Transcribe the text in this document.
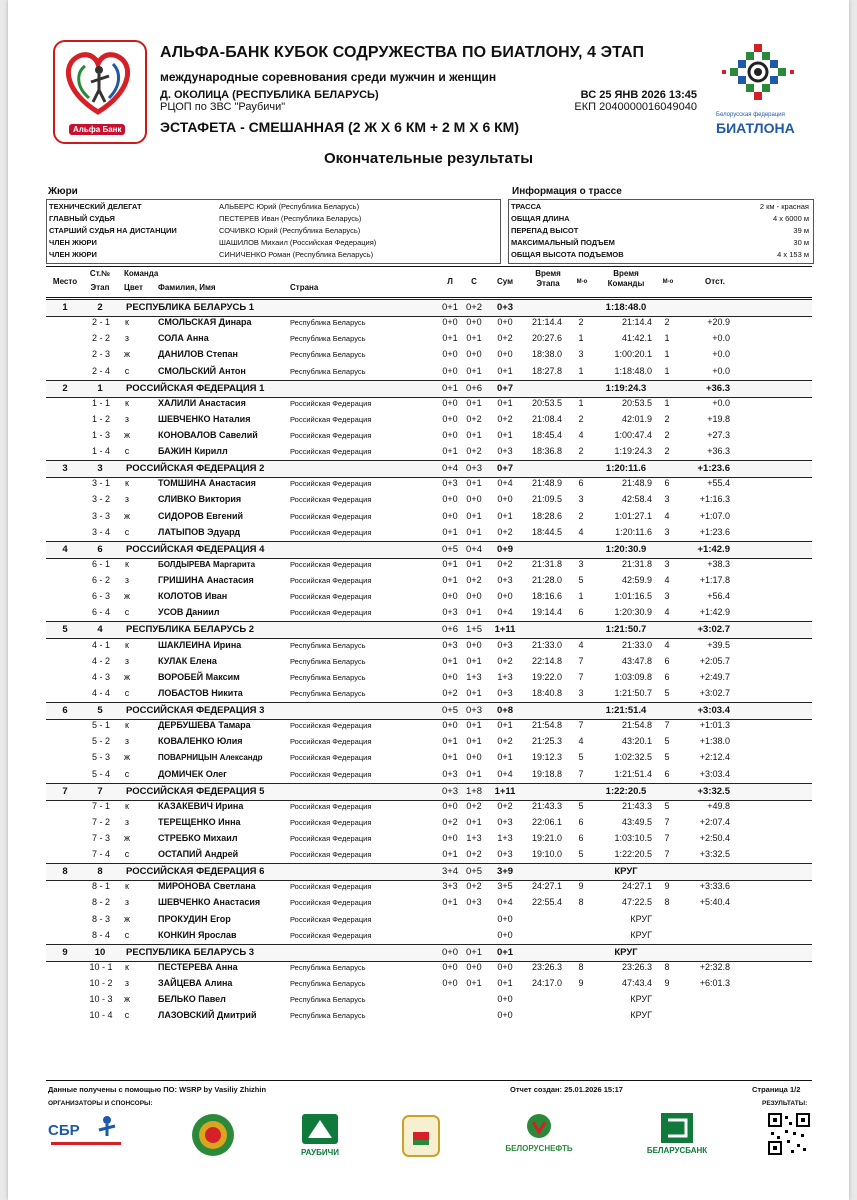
Альфа Банк
АЛЬФА-БАНК КУБОК СОДРУЖЕСТВА ПО БИАТЛОНУ, 4 ЭТАП
международные соревнования среди мужчин и женщин
Д. ОКОЛИЦА (РЕСПУБЛИКА БЕЛАРУСЬ)
РЦОП по ЗВС "Раубичи"
ВС 25 ЯНВ 2026 13:45
ЕКП 2040000016049040
ЭСТАФЕТА - СМЕШАННАЯ (2 Ж Х 6 КМ + 2 М Х 6 КМ)
Белорусская федерация
БИАТЛОНА
Окончательные результаты
Жюри
ТЕХНИЧЕСКИЙ ДЕЛЕГАТ	АЛЬБЕРС Юрий (Республика Беларусь)
ГЛАВНЫЙ СУДЬЯ	ПЕСТЕРЕВ Иван (Республика Беларусь)
СТАРШИЙ СУДЬЯ НА ДИСТАНЦИИ	СОЧИВКО Юрий (Республика Беларусь)
ЧЛЕН ЖЮРИ	ШАШИЛОВ Михаил (Российская Федерация)
ЧЛЕН ЖЮРИ	СИНИЧЕНКО Роман (Республика Беларусь)
Информация о трассе
ТРАССА	2 км - красная
ОБЩАЯ ДЛИНА	4 x 6000 м
ПЕРЕПАД ВЫСОТ	39 м
МАКСИМАЛЬНЫЙ ПОДЪЕМ	30 м
ОБЩАЯ ВЫСОТА ПОДЪЕМОВ	4 x 153 м
Место
Ст.№
Этап
Команда
Цвет Фамилия, Имя	Страна
Л	С	Сум
Время Этапа	М-о
Время Команды	М-о	Отст.
1	2	РЕСПУБЛИКА БЕЛАРУСЬ 1	0+1 0+2	0+3	1:18:48.0
2 - 1	к	СМОЛЬСКАЯ Динара	Республика Беларусь	0+0 0+0	0+0	21:14.4	2	21:14.4	2	+20.9
2 - 2	з	СОЛА Анна	Республика Беларусь	0+1 0+1	0+2	20:27.6	1	41:42.1	1	+0.0
2 - 3	ж	ДАНИЛОВ Степан	Республика Беларусь	0+0 0+0	0+0	18:38.0	3	1:00:20.1	1	+0.0
2 - 4	с	СМОЛЬСКИЙ Антон	Республика Беларусь	0+0 0+1	0+1	18:27.8	1	1:18:48.0	1	+0.0
2	1	РОССИЙСКАЯ ФЕДЕРАЦИЯ 1	0+1 0+6	0+7	1:19:24.3	+36.3
1 - 1	к	ХАЛИЛИ Анастасия	Российская Федерация	0+0 0+1	0+1	20:53.5	1	20:53.5	1	+0.0
1 - 2	з	ШЕВЧЕНКО Наталия	Российская Федерация	0+0 0+2	0+2	21:08.4	2	42:01.9	2	+19.8
1 - 3	ж	КОНОВАЛОВ Савелий	Российская Федерация	0+0 0+1	0+1	18:45.4	4	1:00:47.4	2	+27.3
1 - 4	с	БАЖИН Кирилл	Российская Федерация	0+1 0+2	0+3	18:36.8	2	1:19:24.3	2	+36.3
3	3	РОССИЙСКАЯ ФЕДЕРАЦИЯ 2	0+4 0+3	0+7	1:20:11.6	+1:23.6
3 - 1	к	ТОМШИНА Анастасия	Российская Федерация	0+3 0+1	0+4	21:48.9	6	21:48.9	6	+55.4
3 - 2	з	СЛИВКО Виктория	Российская Федерация	0+0 0+0	0+0	21:09.5	3	42:58.4	3	+1:16.3
3 - 3	ж	СИДОРОВ Евгений	Российская Федерация	0+0 0+1	0+1	18:28.6	2	1:01:27.1	4	+1:07.0
3 - 4	с	ЛАТЫПОВ Эдуард	Российская Федерация	0+1 0+1	0+2	18:44.5	4	1:20:11.6	3	+1:23.6
4	6	РОССИЙСКАЯ ФЕДЕРАЦИЯ 4	0+5 0+4	0+9	1:20:30.9	+1:42.9
6 - 1	к	БОЛДЫРЕВА Маргарита	Российская Федерация	0+1 0+1	0+2	21:31.8	3	21:31.8	3	+38.3
6 - 2	з	ГРИШИНА Анастасия	Российская Федерация	0+1 0+2	0+3	21:28.0	5	42:59.9	4	+1:17.8
6 - 3	ж	КОЛОТОВ Иван	Российская Федерация	0+0 0+0	0+0	18:16.6	1	1:01:16.5	3	+56.4
6 - 4	с	УСОВ Даниил	Российская Федерация	0+3 0+1	0+4	19:14.4	6	1:20:30.9	4	+1:42.9
5	4	РЕСПУБЛИКА БЕЛАРУСЬ 2	0+6 1+5	1+11	1:21:50.7	+3:02.7
4 - 1	к	ШАКЛЕИНА Ирина	Республика Беларусь	0+3 0+0	0+3	21:33.0	4	21:33.0	4	+39.5
4 - 2	з	КУЛАК Елена	Республика Беларусь	0+1 0+1	0+2	22:14.8	7	43:47.8	6	+2:05.7
4 - 3	ж	ВОРОБЕЙ Максим	Республика Беларусь	0+0 1+3	1+3	19:22.0	7	1:03:09.8	6	+2:49.7
4 - 4	с	ЛОБАСТОВ Никита	Республика Беларусь	0+2 0+1	0+3	18:40.8	3	1:21:50.7	5	+3:02.7
6	5	РОССИЙСКАЯ ФЕДЕРАЦИЯ 3	0+5 0+3	0+8	1:21:51.4	+3:03.4
5 - 1	к	ДЕРБУШЕВА Тамара	Российская Федерация	0+0 0+1	0+1	21:54.8	7	21:54.8	7	+1:01.3
5 - 2	з	КОВАЛЕНКО Юлия	Российская Федерация	0+1 0+1	0+2	21:25.3	4	43:20.1	5	+1:38.0
5 - 3	ж	ПОВАРНИЦЫН Александр	Российская Федерация	0+1 0+0	0+1	19:12.3	5	1:02:32.5	5	+2:12.4
5 - 4	с	ДОМИЧЕК Олег	Российская Федерация	0+3 0+1	0+4	19:18.8	7	1:21:51.4	6	+3:03.4
7	7	РОССИЙСКАЯ ФЕДЕРАЦИЯ 5	0+3 1+8	1+11	1:22:20.5	+3:32.5
7 - 1	к	КАЗАКЕВИЧ Ирина	Российская Федерация	0+0 0+2	0+2	21:43.3	5	21:43.3	5	+49.8
7 - 2	з	ТЕРЕЩЕНКО Инна	Российская Федерация	0+2 0+1	0+3	22:06.1	6	43:49.5	7	+2:07.4
7 - 3	ж	СТРЕБКО Михаил	Российская Федерация	0+0 1+3	1+3	19:21.0	6	1:03:10.5	7	+2:50.4
7 - 4	с	ОСТАПИЙ Андрей	Российская Федерация	0+1 0+2	0+3	19:10.0	5	1:22:20.5	7	+3:32.5
8	8	РОССИЙСКАЯ ФЕДЕРАЦИЯ 6	3+4 0+5	3+9	КРУГ
8 - 1	к	МИРОНОВА Светлана	Российская Федерация	3+3 0+2	3+5	24:27.1	9	24:27.1	9	+3:33.6
8 - 2	з	ШЕВЧЕНКО Анастасия	Российская Федерация	0+1 0+3	0+4	22:55.4	8	47:22.5	8	+5:40.4
8 - 3	ж	ПРОКУДИН Егор	Российская Федерация	0+0	КРУГ
8 - 4	с	КОНКИН Ярослав	Российская Федерация	0+0	КРУГ
9	10	РЕСПУБЛИКА БЕЛАРУСЬ 3	0+0 0+1	0+1	КРУГ
10 - 1	к	ПЕСТЕРЕВА Анна	Республика Беларусь	0+0 0+0	0+0	23:26.3	8	23:26.3	8	+2:32.8
10 - 2	з	ЗАЙЦЕВА Алина	Республика Беларусь	0+0 0+1	0+1	24:17.0	9	47:43.4	9	+6:01.3
10 - 3	ж	БЕЛЬКО Павел	Республика Беларусь	0+0	КРУГ
10 - 4	с	ЛАЗОВСКИЙ Дмитрий	Республика Беларусь	0+0	КРУГ
Данные получены с помощью ПО: WSRP by Vasiliy Zhizhin	Отчет создан: 25.01.2026 15:17	Страница 1/2
ОРГАНИЗАТОРЫ И СПОНСОРЫ:	РЕЗУЛЬТАТЫ:
СБР
РАУБИЧИ	БЕЛОРУСНЕФТЬ	БЕЛАРУСБАНК
